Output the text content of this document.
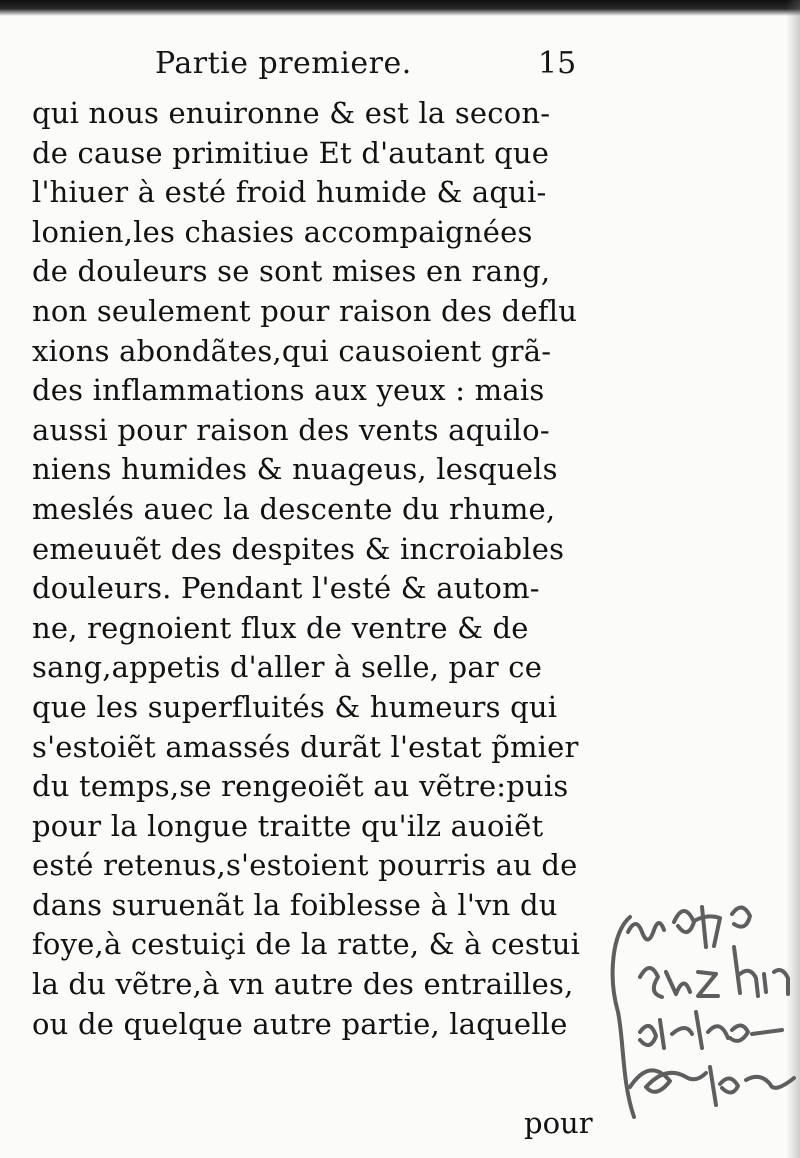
Partie premiere.	15
qui nous enuironne & est la secon-
de cause primitiue Et d'autant que
l'hiuer à esté froid humide & aqui-
lonien,les chasies accompaignées
de douleurs se sont mises en rang,
non seulement pour raison des deflu
xions abondãtes,qui causoient grã-
des inflammations aux yeux : mais
aussi pour raison des vents aquilo-
niens humides & nuageus, lesquels
meslés auec la descente du rhume,
emeuuẽt des despites & incroiables
douleurs. Pendant l'esté & autom-
ne, regnoient flux de ventre & de
sang,appetis d'aller à selle, par ce
que les superfluités & humeurs qui
s'estoiẽt amassés durãt l'estat p̃mier
du temps,se rengeoiẽt au vẽtre:puis
pour la longue traitte qu'ilz auoiẽt
esté retenus,s'estoient pourris au de
dans suruenãt la foiblesse à l'vn du
foye,à cestuiçi de la ratte, & à cestui
la du vẽtre,à vn autre des entrailles,
ou de quelque autre partie, laquelle
pour
